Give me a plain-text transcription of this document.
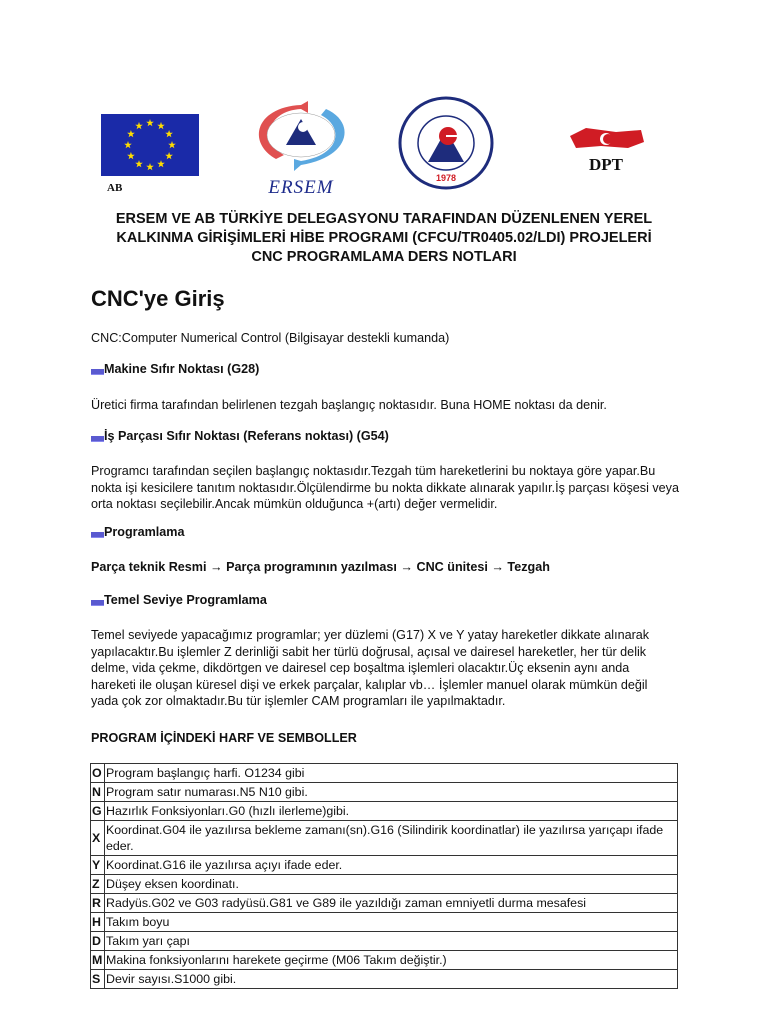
AB	ERSEM	1978
DPT
ERSEM VE AB TÜRKİYE DELEGASYONU TARAFINDAN DÜZENLENEN YEREL
KALKINMA GİRİŞİMLERİ HİBE PROGRAMI (CFCU/TR0405.02/LDI) PROJELERİ
CNC PROGRAMLAMA DERS NOTLARI
CNC'ye Giriş
CNC:Computer Numerical Control (Bilgisayar destekli kumanda)
Makine Sıfır Noktası (G28)
Üretici firma tarafından belirlenen tezgah başlangıç noktasıdır. Buna HOME noktası da denir.
İş Parçası Sıfır Noktası (Referans noktası) (G54)
Programcı tarafından seçilen başlangıç noktasıdır.Tezgah tüm hareketlerini bu noktaya göre yapar.Bu nokta işi kesicilere tanıtım noktasıdır.Ölçülendirme bu nokta dikkate alınarak yapılır.İş parçası köşesi veya orta noktası seçilebilir.Ancak mümkün olduğunca +(artı) değer vermelidir.
Programlama
Parça teknik Resmi → Parça programının yazılması → CNC ünitesi → Tezgah
Temel Seviye Programlama
Temel seviyede yapacağımız programlar; yer düzlemi (G17) X ve Y yatay hareketler dikkate alınarak yapılacaktır.Bu işlemler Z derinliği sabit her türlü doğrusal, açısal ve dairesel hareketler, her tür delik delme, vida çekme, dikdörtgen ve dairesel cep boşaltma işlemleri olacaktır.Üç eksenin aynı anda hareketi ile oluşan küresel dişi ve erkek parçalar, kalıplar vb… İşlemler manuel olarak mümkün değil yada çok zor olmaktadır.Bu tür işlemler CAM programları ile yapılmaktadır.
PROGRAM İÇİNDEKİ HARF VE SEMBOLLER
O	Program başlangıç harfi. O1234 gibi
N	Program satır numarası.N5 N10 gibi.
G	Hazırlık Fonksiyonları.G0 (hızlı ilerleme)gibi.
X	Koordinat.G04 ile yazılırsa bekleme zamanı(sn).G16 (Silindirik koordinatlar) ile yazılırsa yarıçapı ifade eder.
Y	Koordinat.G16 ile yazılırsa açıyı ifade eder.
Z	Düşey eksen koordinatı.
R	Radyüs.G02 ve G03 radyüsü.G81 ve G89 ile yazıldığı zaman emniyetli durma mesafesi
H	Takım boyu
D	Takım yarı çapı
M	Makina fonksiyonlarını harekete geçirme (M06 Takım değiştir.)
S	Devir sayısı.S1000 gibi.
